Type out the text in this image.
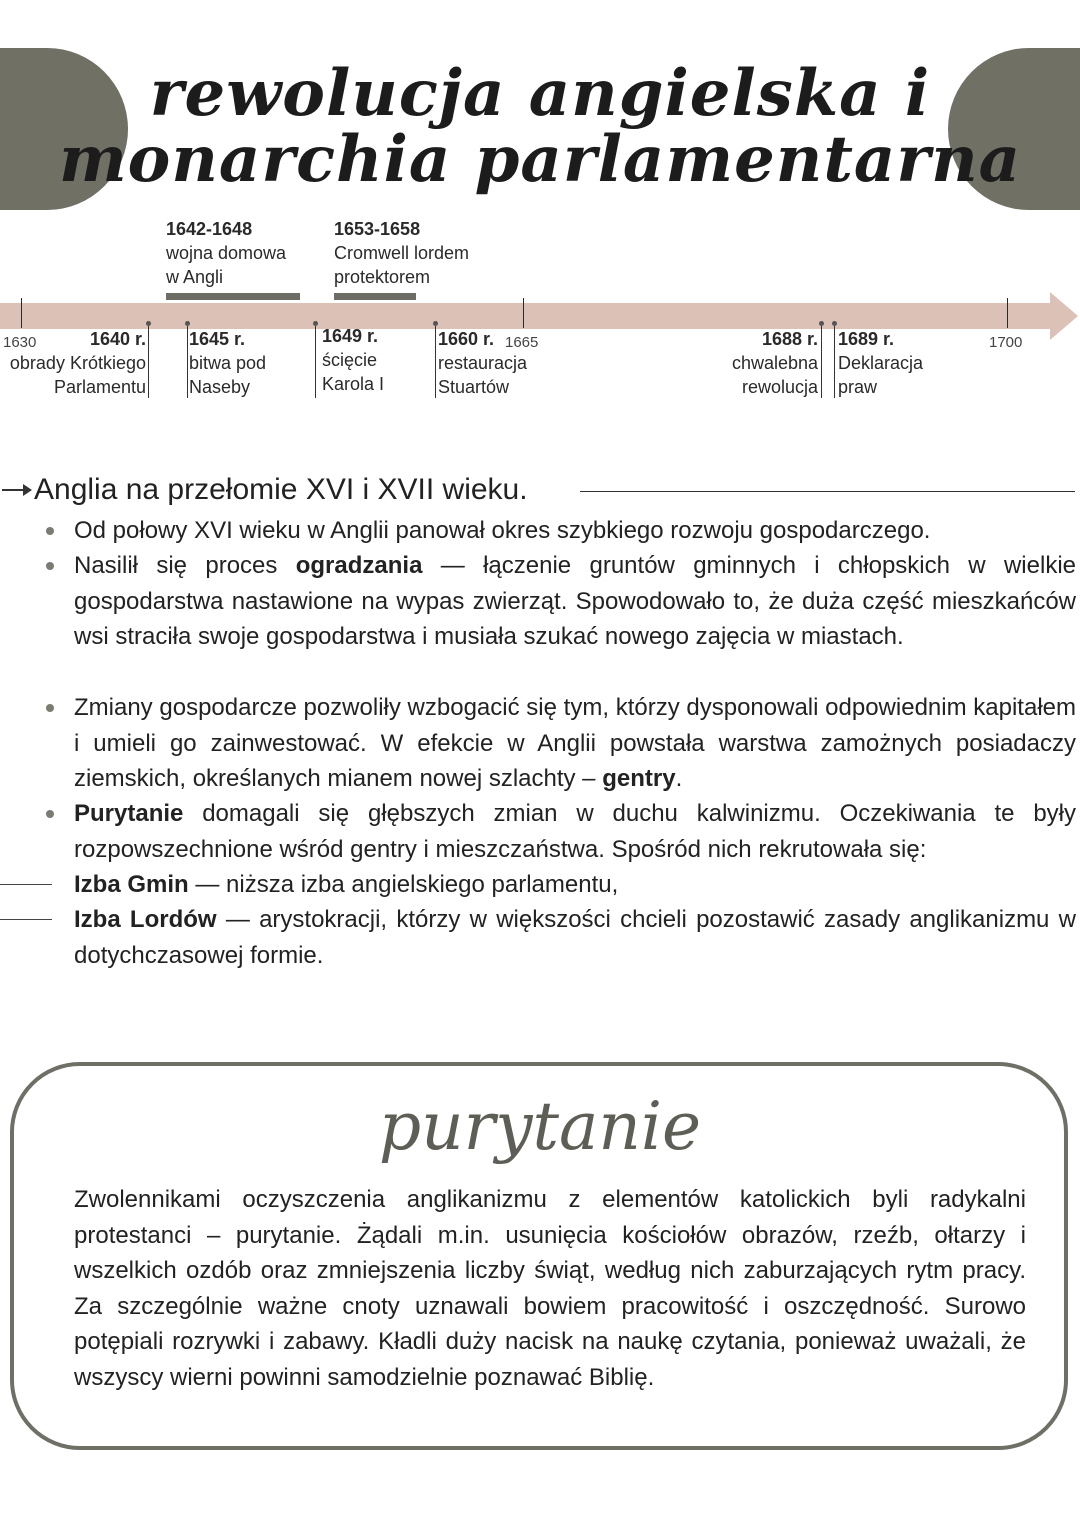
rewolucja angielska i
monarchia parlamentarna
1642-1648
wojna domowa
w Angli
1653-1658
Cromwell lordem
protektorem
1630	1665	1700
1640 r.
obrady Krótkiego
Parlamentu
1645 r.
bitwa pod
Naseby
1649 r.
ścięcie
Karola I
1660 r.
restauracja
Stuartów
1688 r.
chwalebna
rewolucja
1689 r.
Deklaracja
praw
Anglia na przełomie XVI i XVII wieku.
Od połowy XVI wieku w Anglii panował okres szybkiego rozwoju gospodarczego.
Nasilił się proces ogradzania — łączenie gruntów gminnych i chłopskich w wielkie gospodarstwa nastawione na wypas zwierząt. Spowodowało to, że duża część mieszkańców wsi straciła swoje gospodarstwa i musiała szukać nowego zajęcia w miastach.
Zmiany gospodarcze pozwoliły wzbogacić się tym, którzy dysponowali odpowiednim kapitałem i umieli go zainwestować. W efekcie w Anglii powstała warstwa zamożnych posiadaczy ziemskich, określanych mianem nowej szlachty – gentry.
Purytanie domagali się głębszych zmian w duchu kalwinizmu. Oczekiwania te były rozpowszechnione wśród gentry i mieszczaństwa. Spośród nich rekrutowała się:
Izba Gmin — niższa izba angielskiego parlamentu,
Izba Lordów — arystokracji, którzy w większości chcieli pozostawić zasady anglikanizmu w dotychczasowej formie.
purytanie
Zwolennikami oczyszczenia anglikanizmu z elementów katolickich byli radykalni protestanci – purytanie. Żądali m.in. usunięcia kościołów obrazów, rzeźb, ołtarzy i wszelkich ozdób oraz zmniejszenia liczby świąt, według nich zaburzających rytm pracy. Za szczególnie ważne cnoty uznawali bowiem pracowitość i oszczędność. Surowo potępiali rozrywki i zabawy. Kładli duży nacisk na naukę czytania, ponieważ uważali, że wszyscy wierni powinni samodzielnie poznawać Biblię.
